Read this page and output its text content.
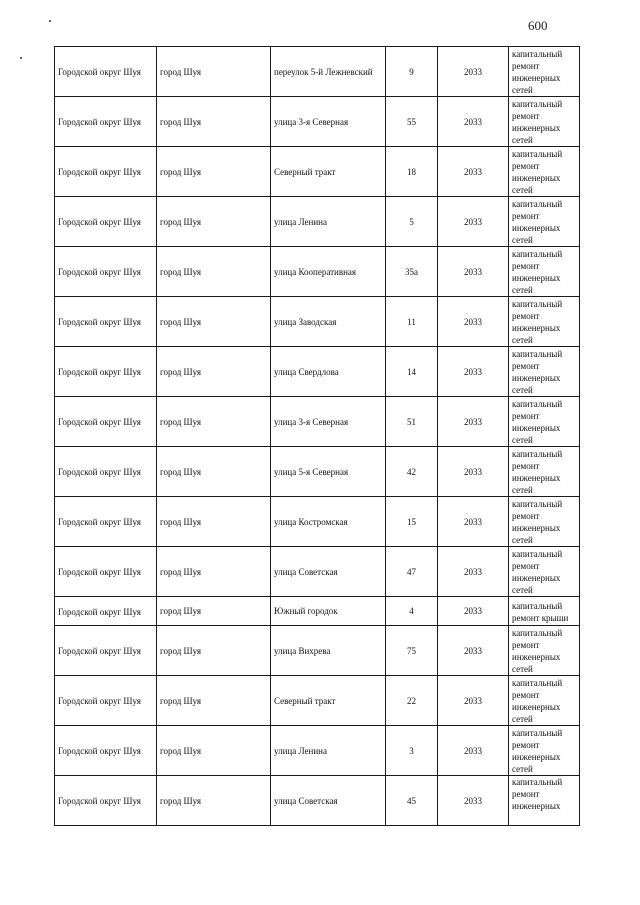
600
Городской округ Шуя	город Шуя	переулок 5-й Лежневский	9	2033	капитальный ремонт инженерных сетей
Городской округ Шуя	город Шуя	улица 3-я Северная	55	2033	капитальный ремонт инженерных сетей
Городской округ Шуя	город Шуя	Северный тракт	18	2033	капитальный ремонт инженерных сетей
Городской округ Шуя	город Шуя	улица Ленина	5	2033	капитальный ремонт инженерных сетей
Городской округ Шуя	город Шуя	улица Кооперативная	35а	2033	капитальный ремонт инженерных сетей
Городской округ Шуя	город Шуя	улица Заводская	11	2033	капитальный ремонт инженерных сетей
Городской округ Шуя	город Шуя	улица Свердлова	14	2033	капитальный ремонт инженерных сетей
Городской округ Шуя	город Шуя	улица 3-я Северная	51	2033	капитальный ремонт инженерных сетей
Городской округ Шуя	город Шуя	улица 5-я Северная	42	2033	капитальный ремонт инженерных сетей
Городской округ Шуя	город Шуя	улица Костромская	15	2033	капитальный ремонт инженерных сетей
Городской округ Шуя	город Шуя	улица Советская	47	2033	капитальный ремонт инженерных сетей
Городской округ Шуя	город Шуя	Южный городок	4	2033	капитальный ремонт крыши
Городской округ Шуя	город Шуя	улица Вихрева	75	2033	капитальный ремонт инженерных сетей
Городской округ Шуя	город Шуя	Северный тракт	22	2033	капитальный ремонт инженерных сетей
Городской округ Шуя	город Шуя	улица Ленина	3	2033	капитальный ремонт инженерных сетей
Городской округ Шуя	город Шуя	улица Советская	45	2033	капитальный ремонт инженерных
